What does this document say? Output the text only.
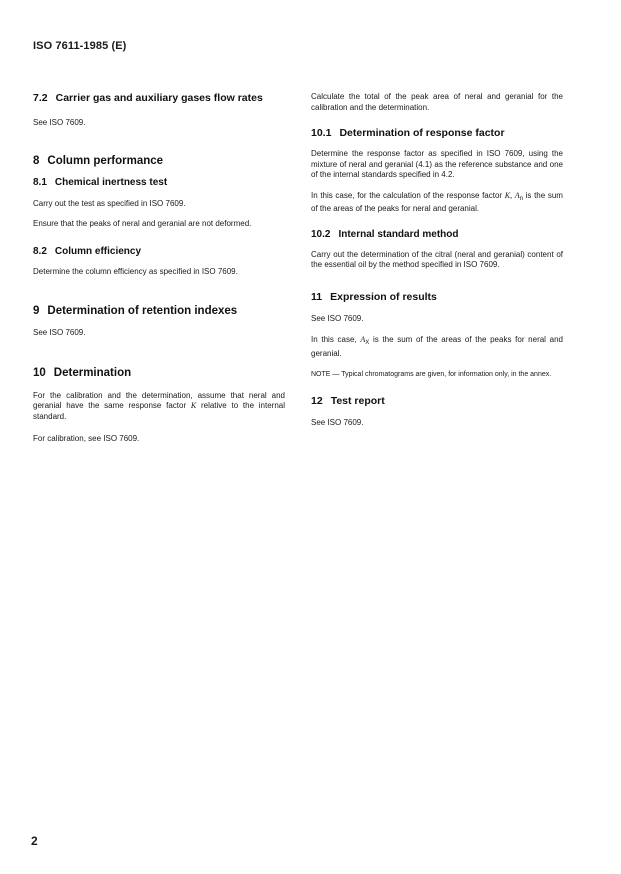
ISO 7611-1985 (E)
7.2 Carrier gas and auxiliary gases flow rates

See ISO 7609.

8 Column performance
8.1 Chemical inertness test

Carry out the test as specified in ISO 7609.

Ensure that the peaks of neral and geranial are not deformed.

8.2 Column efficiency

Determine the column efficiency as specified in ISO 7609.

9 Determination of retention indexes

See ISO 7609.

10 Determination

For the calibration and the determination, assume that neral and geranial have the same response factor K relative to the internal standard.

For calibration, see ISO 7609.

Calculate the total of the peak area of neral and geranial for the calibration and the determination.

10.1 Determination of response factor

Determine the response factor as specified in ISO 7609, using the mixture of neral and geranial (4.1) as the reference substance and one of the internal standards specified in 4.2.

In this case, for the calculation of the response factor K, $A_n$ is the sum of the areas of the peaks for neral and geranial.

10.2 Internal standard method

Carry out the determination of the citral (neral and geranial) content of the essential oil by the method specified in ISO 7609.

11 Expression of results

See ISO 7609.

In this case, $A_X$ is the sum of the areas of the peaks for neral and geranial.

NOTE — Typical chromatograms are given, for information only, in the annex.

12 Test report

See ISO 7609.

2
